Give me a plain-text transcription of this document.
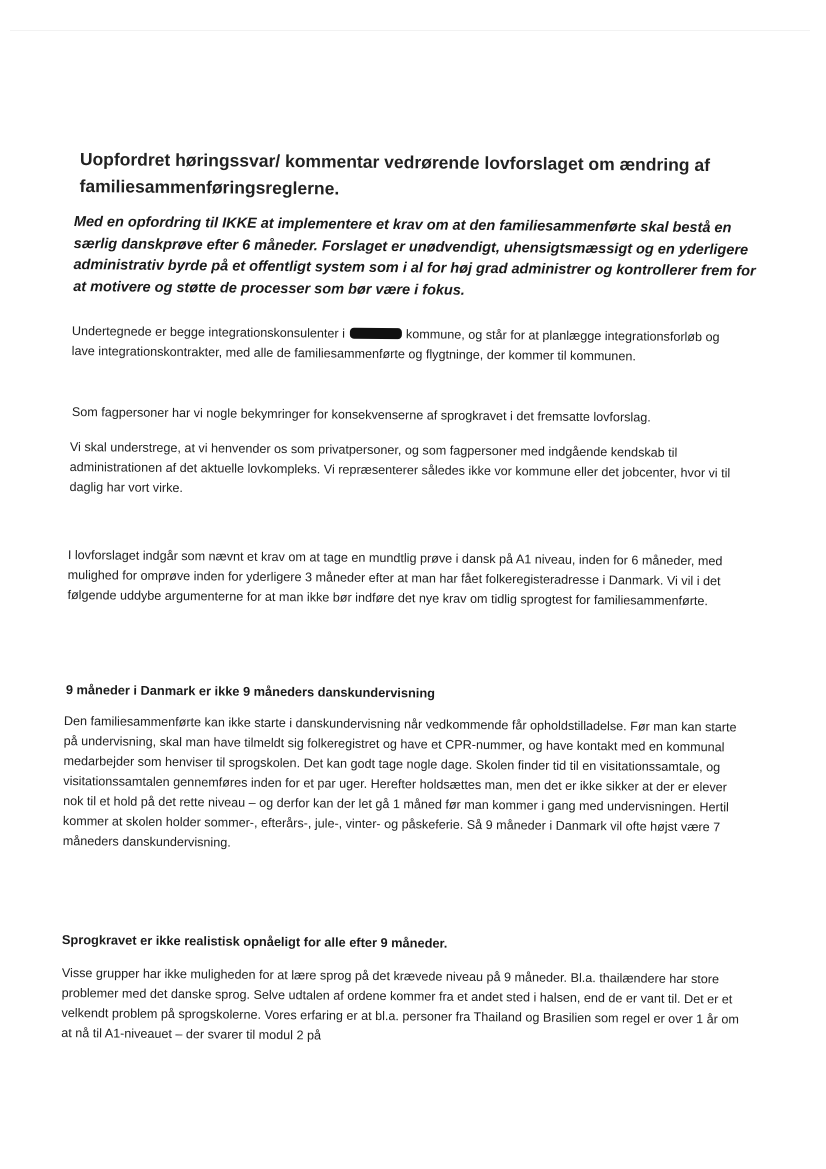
Uopfordret høringssvar/ kommentar vedrørende lovforslaget om ændring af familiesammenføringsreglerne.
Med en opfordring til IKKE at implementere et krav om at den familiesammenførte skal bestå en særlig danskprøve efter 6 måneder. Forslaget er unødvendigt, uhensigtsmæssigt og en yderligere administrativ byrde på et offentligt system som i al for høj grad administrer og kontrollerer frem for at motivere og støtte de processer som bør være i fokus.
Undertegnede er begge integrationskonsulenter i	kommune, og står for at planlægge integrationsforløb og lave integrationskontrakter, med alle de familiesammenførte og flygtninge, der kommer til kommunen.
Som fagpersoner har vi nogle bekymringer for konsekvenserne af sprogkravet i det fremsatte lovforslag.
Vi skal understrege, at vi henvender os som privatpersoner, og som fagpersoner med indgående kendskab til administrationen af det aktuelle lovkompleks. Vi repræsenterer således ikke vor kommune eller det jobcenter, hvor vi til daglig har vort virke.
I lovforslaget indgår som nævnt et krav om at tage en mundtlig prøve i dansk på A1 niveau, inden for 6 måneder, med mulighed for omprøve inden for yderligere 3 måneder efter at man har fået folkeregisteradresse i Danmark. Vi vil i det følgende uddybe argumenterne for at man ikke bør indføre det nye krav om tidlig sprogtest for familiesammenførte.
9 måneder i Danmark er ikke 9 måneders danskundervisning
Den familiesammenførte kan ikke starte i danskundervisning når vedkommende får opholdstilladelse. Før man kan starte på undervisning, skal man have tilmeldt sig folkeregistret og have et CPR-nummer, og have kontakt med en kommunal medarbejder som henviser til sprogskolen. Det kan godt tage nogle dage. Skolen finder tid til en visitationssamtale, og visitationssamtalen gennemføres inden for et par uger. Herefter holdsættes man, men det er ikke sikker at der er elever nok til et hold på det rette niveau – og derfor kan der let gå 1 måned før man kommer i gang med undervisningen. Hertil kommer at skolen holder sommer-, efterårs-, jule-, vinter- og påskeferie. Så 9 måneder i Danmark vil ofte højst være 7 måneders danskundervisning.
Sprogkravet er ikke realistisk opnåeligt for alle efter 9 måneder.
Visse grupper har ikke muligheden for at lære sprog på det krævede niveau på 9 måneder. Bl.a. thailændere har store problemer med det danske sprog. Selve udtalen af ordene kommer fra et andet sted i halsen, end de er vant til. Det er et velkendt problem på sprogskolerne. Vores erfaring er at bl.a. personer fra Thailand og Brasilien som regel er over 1 år om at nå til A1-niveauet – der svarer til modul 2 på
